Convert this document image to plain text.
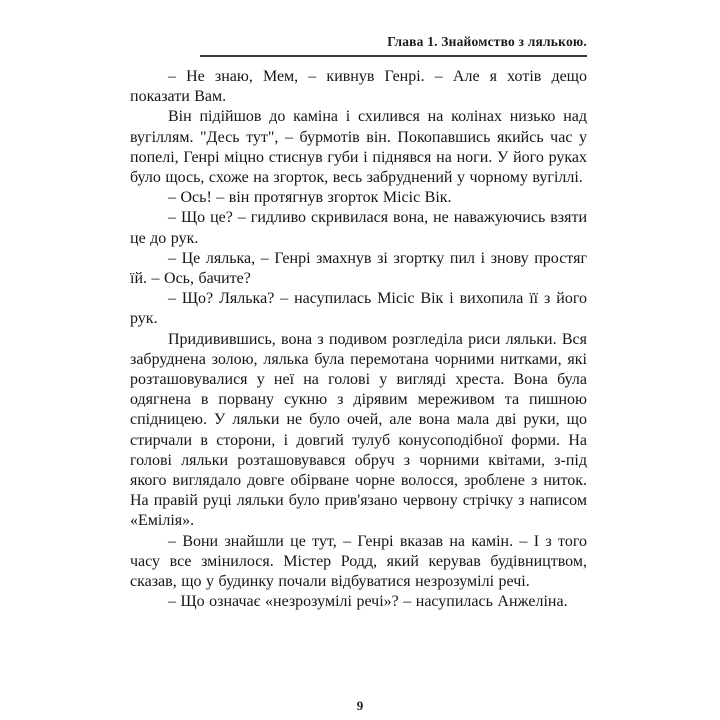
Глава 1. Знайомство з лялькою.

– Не знаю, Мем, – кивнув Генрі. – Але я хотів дещо показати Вам.

Він підійшов до каміна і схилився на колінах низько над вугіллям. "Десь тут", – бурмотів він. Покопавшись якийсь час у попелі, Генрі міцно стиснув губи і піднявся на ноги. У його руках було щось, схоже на згорток, весь забруднений у чорному вугіллі.

– Ось! – він протягнув згорток Місіс Вік.

– Що це? – гидливо скривилася вона, не наважуючись взяти це до рук.

– Це лялька, – Генрі змахнув зі згортку пил і знову простяг їй. – Ось, бачите?

– Що? Лялька? – насупилась Місіс Вік і вихопила її з його рук.

Придивившись, вона з подивом розгледіла риси ляльки. Вся забруднена золою, лялька була перемотана чорними нитками, які розташовувалися у неї на голові у вигляді хреста. Вона була одягнена в порвану сукню з дірявим мереживом та пишною спідницею. У ляльки не було очей, але вона мала дві руки, що стирчали в сторони, і довгий тулуб конусоподібної форми. На голові ляльки розташовувався обруч з чорними квітами, з-під якого виглядало довге обірване чорне волосся, зроблене з ниток. На правій руці ляльки було прив'язано червону стрічку з написом «Емілія».

– Вони знайшли це тут, – Генрі вказав на камін. – І з того часу все змінилося. Містер Родд, який керував будівництвом, сказав, що у будинку почали відбуватися незрозумілі речі.

– Що означає «незрозумілі речі»? – насупилась Анжеліна.

9
